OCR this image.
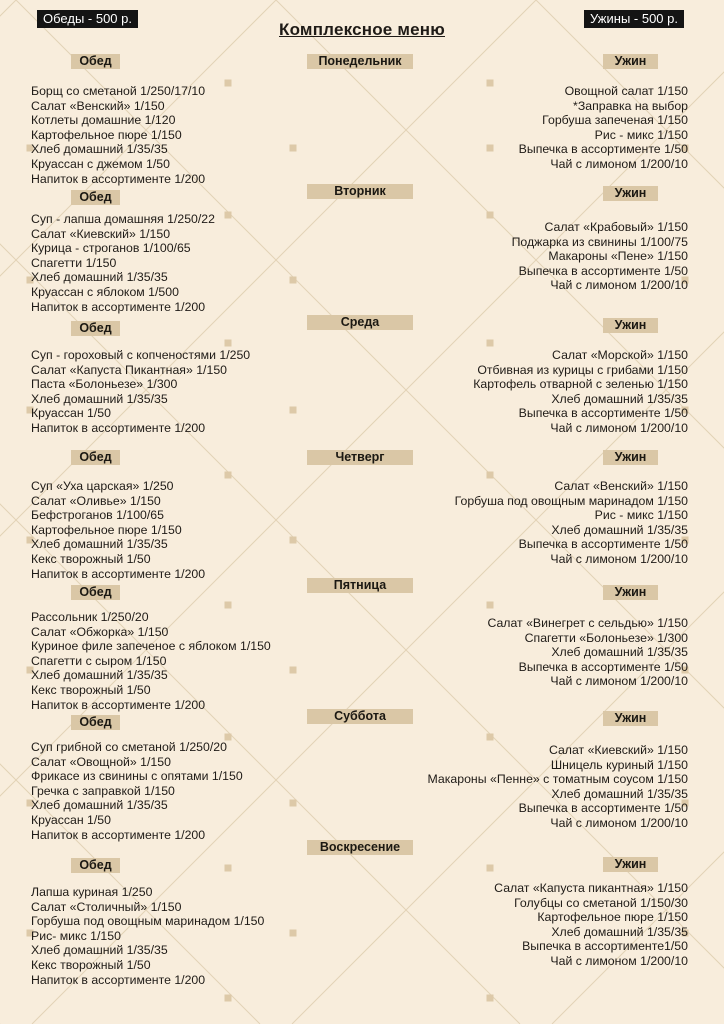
Обеды - 500 р.
Комплексное меню
Ужины - 500 р.
Понедельник
Обед	Ужин
Борщ со сметаной 1/250/17/10
Салат «Венский» 1/150
Котлеты домашние 1/120
Картофельное пюре 1/150
Хлеб домашний 1/35/35
Круассан с джемом 1/50
Напиток в ассортименте 1/200
Овощной салат 1/150
*Заправка на выбор
Горбуша запеченая 1/150
Рис - микс 1/150
Выпечка в ассортименте 1/50
Чай с лимоном 1/200/10
Вторник
Обед	Ужин
Суп - лапша домашняя 1/250/22
Салат «Киевский» 1/150
Курица - строганов 1/100/65
Спагетти 1/150
Хлеб домашний 1/35/35
Круассан с яблоком 1/500
Напиток в ассортименте 1/200
Салат «Крабовый» 1/150
Поджарка из свинины 1/100/75
Макароны «Пене» 1/150
Выпечка в ассортименте 1/50
Чай с лимоном 1/200/10
Среда
Обед	Ужин
Суп - гороховый с копченостями 1/250
Салат «Капуста Пикантная» 1/150
Паста «Болоньезе» 1/300
Хлеб домашний 1/35/35
Круассан 1/50
Напиток в ассортименте 1/200
Салат «Морской» 1/150
Отбивная из курицы с грибами 1/150
Картофель отварной с зеленью 1/150
Хлеб домашний 1/35/35
Выпечка в ассортименте 1/50
Чай с лимоном 1/200/10
Четверг
Обед	Ужин
Суп «Уха царская» 1/250
Салат «Оливье» 1/150
Бефстроганов 1/100/65
Картофельное пюре 1/150
Хлеб домашний 1/35/35
Кекс творожный 1/50
Напиток в ассортименте 1/200
Салат «Венский» 1/150
Горбуша под овощным маринадом 1/150
Рис - микс 1/150
Хлеб домашний 1/35/35
Выпечка в ассортименте 1/50
Чай с лимоном 1/200/10
Пятница
Обед	Ужин
Рассольник 1/250/20
Салат «Обжорка» 1/150
Куриное филе запеченое с яблоком 1/150
Спагетти с сыром 1/150
Хлеб домашний 1/35/35
Кекс творожный 1/50
Напиток в ассортименте 1/200
Салат «Винегрет с сельдью» 1/150
Спагетти «Болоньезе» 1/300
Хлеб домашний 1/35/35
Выпечка в ассортименте 1/50
Чай с лимоном 1/200/10
Суббота
Обед	Ужин
Суп грибной со сметаной 1/250/20
Салат «Овощной» 1/150
Фрикасе из свинины с опятами 1/150
Гречка с заправкой 1/150
Хлеб домашний 1/35/35
Круассан 1/50
Напиток в ассортименте 1/200
Салат «Киевский» 1/150
Шницель куриный 1/150
Макароны «Пенне» с томатным соусом 1/150
Хлеб домашний 1/35/35
Выпечка в ассортименте 1/50
Чай с лимоном 1/200/10
Воскресение
Обед	Ужин
Лапша куриная 1/250
Салат «Столичный» 1/150
Горбуша под овощным маринадом 1/150
Рис- микс 1/150
Хлеб домашний 1/35/35
Кекс творожный 1/50
Напиток в ассортименте 1/200
Салат «Капуста пикантная» 1/150
Голубцы со сметаной 1/150/30
Картофельное пюре 1/150
Хлеб домашний 1/35/35
Выпечка в ассортименте1/50
Чай с лимоном 1/200/10
